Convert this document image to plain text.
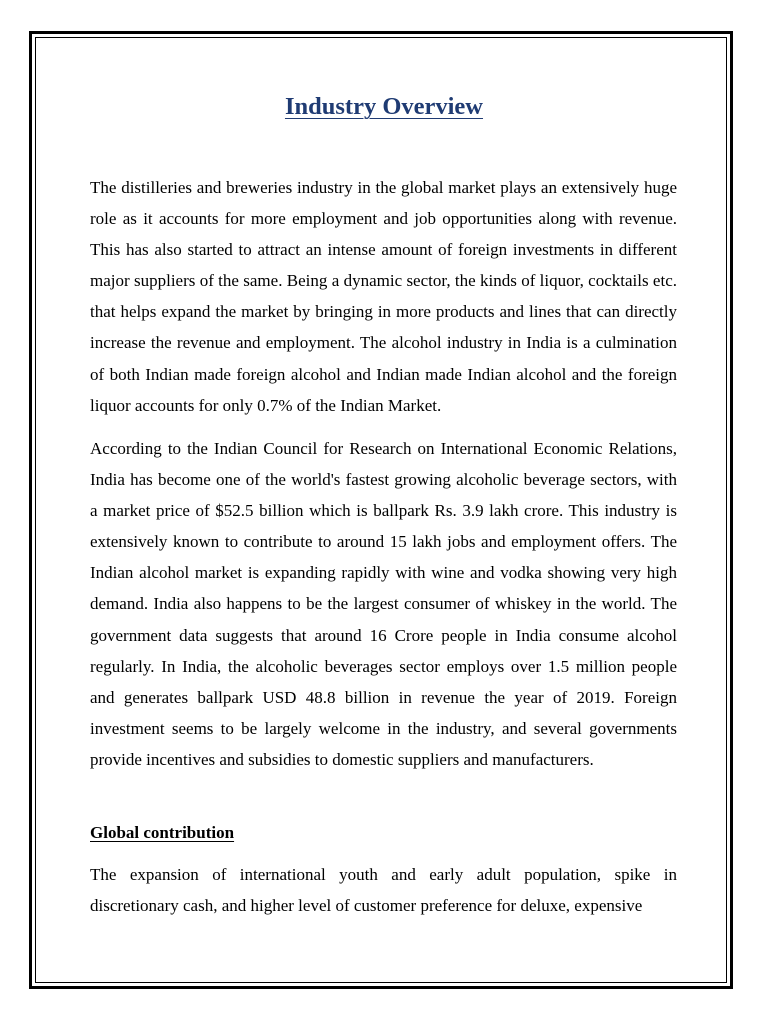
Industry Overview

The distilleries and breweries industry in the global market plays an extensively huge role as it accounts for more employment and job opportunities along with revenue. This has also started to attract an intense amount of foreign investments in different major suppliers of the same. Being a dynamic sector, the kinds of liquor, cocktails etc. that helps expand the market by bringing in more products and lines that can directly increase the revenue and employment. The alcohol industry in India is a culmination of both Indian made foreign alcohol and Indian made Indian alcohol and the foreign liquor accounts for only 0.7% of the Indian Market.

According to the Indian Council for Research on International Economic Relations, India has become one of the world's fastest growing alcoholic beverage sectors, with a market price of $52.5 billion which is ballpark Rs. 3.9 lakh crore. This industry is extensively known to contribute to around 15 lakh jobs and employment offers. The Indian alcohol market is expanding rapidly with wine and vodka showing very high demand. India also happens to be the largest consumer of whiskey in the world. The government data suggests that around 16 Crore people in India consume alcohol regularly. In India, the alcoholic beverages sector employs over 1.5 million people and generates ballpark USD 48.8 billion in revenue the year of 2019. Foreign investment seems to be largely welcome in the industry, and several governments provide incentives and subsidies to domestic suppliers and manufacturers.

Global contribution

The expansion of international youth and early adult population, spike in discretionary cash, and higher level of customer preference for deluxe, expensive
